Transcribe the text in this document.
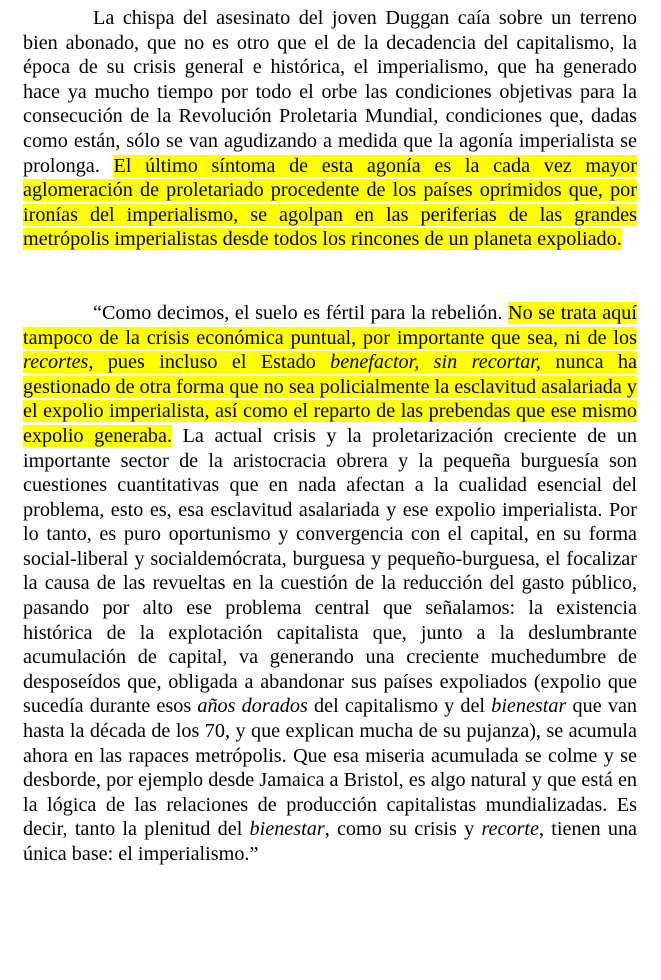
La chispa del asesinato del joven Duggan caía sobre un terreno bien abonado, que no es otro que el de la decadencia del capitalismo, la época de su crisis general e histórica, el imperialismo, que ha generado hace ya mucho tiempo por todo el orbe las condiciones objetivas para la consecución de la Revolución Proletaria Mundial, condiciones que, dadas como están, sólo se van agudizando a medida que la agonía imperialista se prolonga. El último síntoma de esta agonía es la cada vez mayor aglomeración de proletariado procedente de los países oprimidos que, por ironías del imperialismo, se agolpan en las periferias de las grandes metrópolis imperialistas desde todos los rincones de un planeta expoliado.

“Como decimos, el suelo es fértil para la rebelión. No se trata aquí tampoco de la crisis económica puntual, por importante que sea, ni de los recortes, pues incluso el Estado benefactor, sin recortar, nunca ha gestionado de otra forma que no sea policialmente la esclavitud asalariada y el expolio imperialista, así como el reparto de las prebendas que ese mismo expolio generaba. La actual crisis y la proletarización creciente de un importante sector de la aristocracia obrera y la pequeña burguesía son cuestiones cuantitativas que en nada afectan a la cualidad esencial del problema, esto es, esa esclavitud asalariada y ese expolio imperialista. Por lo tanto, es puro oportunismo y convergencia con el capital, en su forma social-liberal y socialdemócrata, burguesa y pequeño-burguesa, el focalizar la causa de las revueltas en la cuestión de la reducción del gasto público, pasando por alto ese problema central que señalamos: la existencia histórica de la explotación capitalista que, junto a la deslumbrante acumulación de capital, va generando una creciente muchedumbre de desposeídos que, obligada a abandonar sus países expoliados (expolio que sucedía durante esos años dorados del capitalismo y del bienestar que van hasta la década de los 70, y que explican mucha de su pujanza), se acumula ahora en las rapaces metrópolis. Que esa miseria acumulada se colme y se desborde, por ejemplo desde Jamaica a Bristol, es algo natural y que está en la lógica de las relaciones de producción capitalistas mundializadas. Es decir, tanto la plenitud del bienestar, como su crisis y recorte, tienen una única base: el imperialismo.”
